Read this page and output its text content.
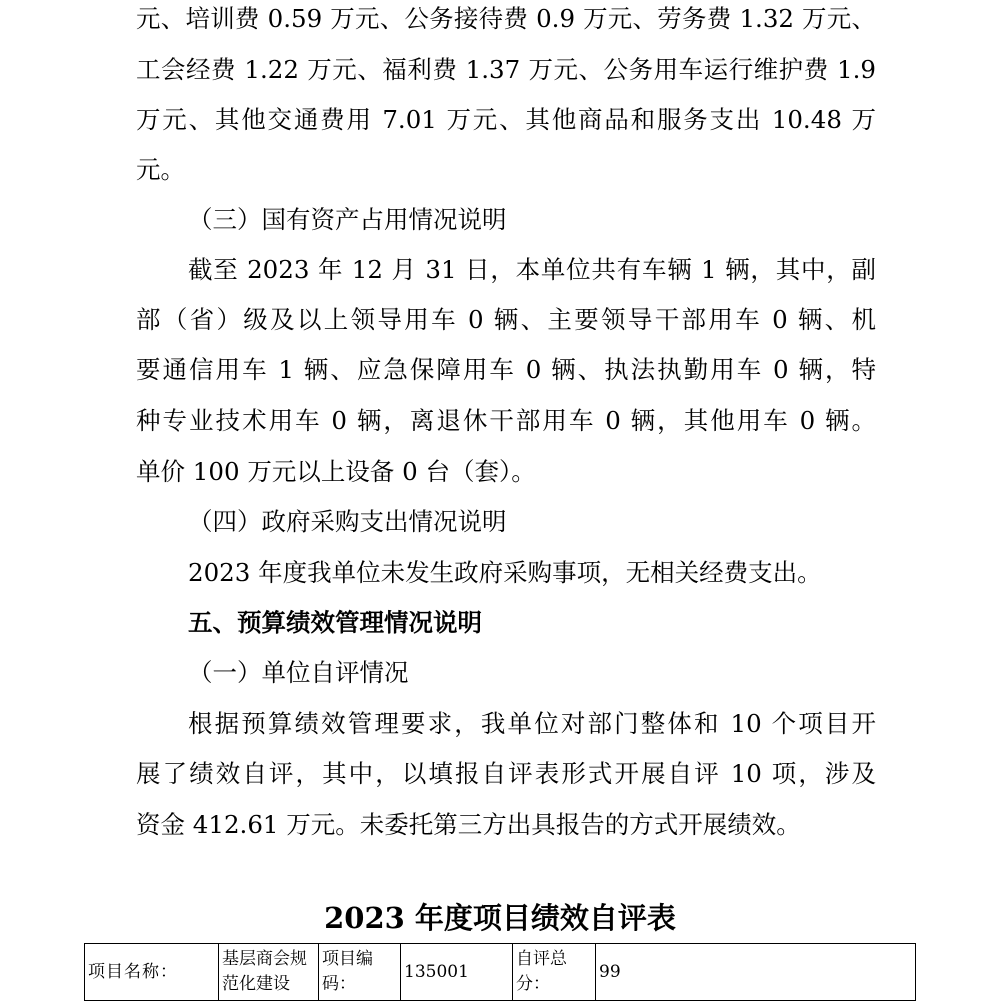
元、培训费 0.59 万元、公务接待费 0.9 万元、劳务费 1.32 万元、
工会经费 1.22 万元、福利费 1.37 万元、公务用车运行维护费 1.9
万元、其他交通费用 7.01 万元、其他商品和服务支出 10.48 万
元。
（三）国有资产占用情况说明
截至 2023 年 12 月 31 日，本单位共有车辆 1 辆，其中，副
部（省）级及以上领导用车 0 辆、主要领导干部用车 0 辆、机
要通信用车 1 辆、应急保障用车 0 辆、执法执勤用车 0 辆，特
种专业技术用车 0 辆，离退休干部用车 0 辆，其他用车 0 辆。
单价 100 万元以上设备 0 台（套）。
（四）政府采购支出情况说明
2023 年度我单位未发生政府采购事项，无相关经费支出。
五、预算绩效管理情况说明
（一）单位自评情况
根据预算绩效管理要求，我单位对部门整体和 10 个项目开
展了绩效自评，其中，以填报自评表形式开展自评 10 项，涉及
资金 412.61 万元。未委托第三方出具报告的方式开展绩效。
2023 年度项目绩效自评表
项目名称：	基层商会规范化建设	项目编码：	135001	自评总分：	99
